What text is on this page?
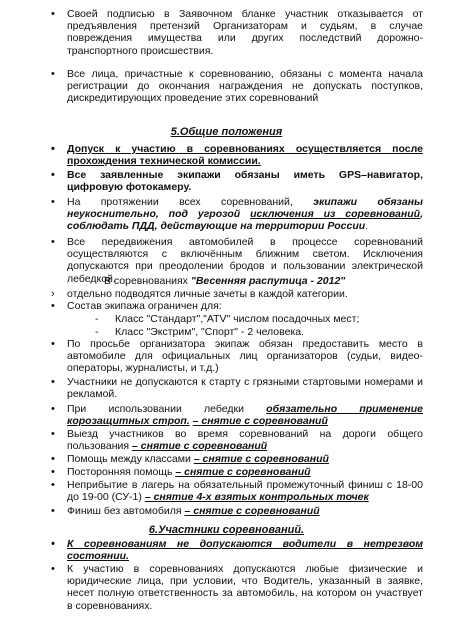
• Своей подписью в Заявочном бланке участник отказывается от предъявления претензий Организаторам и судьям, в случае повреждения имущества или других последствий дорожно-транспортного происшествия.
• Все лица, причастные к соревнованию, обязаны с момента начала регистрации до окончания награждения не допускать поступков, дискредитирующих проведение этих соревнований
5.Общие положения
• Допуск к участию в соревнованиях осуществляется после прохождения технической комиссии.
• Все заявленные экипажи обязаны иметь GPS–навигатор, цифровую фотокамеру.
• На протяжении всех соревнований, экипажи обязаны неукоснительно, под угрозой исключения из соревнований, соблюдать ПДД, действующие на территории России.
• Все передвижения автомобилей в процессе соревнований осуществляются с включённым ближним светом. Исключения допускаются при преодолении бродов и пользовании электрической лебедкой.
В соревнованиях "Весенняя распутица - 2012"
› отдельно подводятся личные зачеты в каждой категории.
• Состав экипажа ограничен для:
- Класс "Стандарт","ATV" числом посадочных мест;
- Класс "Экстрим", "Спорт" - 2 человека.
• По просьбе организатора экипаж обязан предоставить место в автомобиле для официальных лиц организаторов (судьи, видео-операторы, журналисты, и т.д.)
• Участники не допускаются к старту с грязными стартовыми номерами и рекламой.
• При использовании лебедки обязательно применение корозащитных строп. – снятие с соревнований
• Выезд участников во время соревнований на дороги общего пользования – снятие с соревнований
• Помощь между классами – снятие с соревнований
• Посторонняя помощь – снятие с соревнований
• Неприбытие в лагерь на обязательный промежуточный финиш с 18-00 до 19-00 (СУ-1) – снятие 4-х взятых контрольных точек
• Финиш без автомобиля – снятие с соревнований
6.Участники соревнований.
• К соревнованиям не допускаются водители в нетрезвом состоянии.
• К участию в соревнованиях допускаются любые физические и юридические лица, при условии, что Водитель, указанный в заявке, несет полную ответственность за автомобиль, на котором он участвует в соревнованиях.
